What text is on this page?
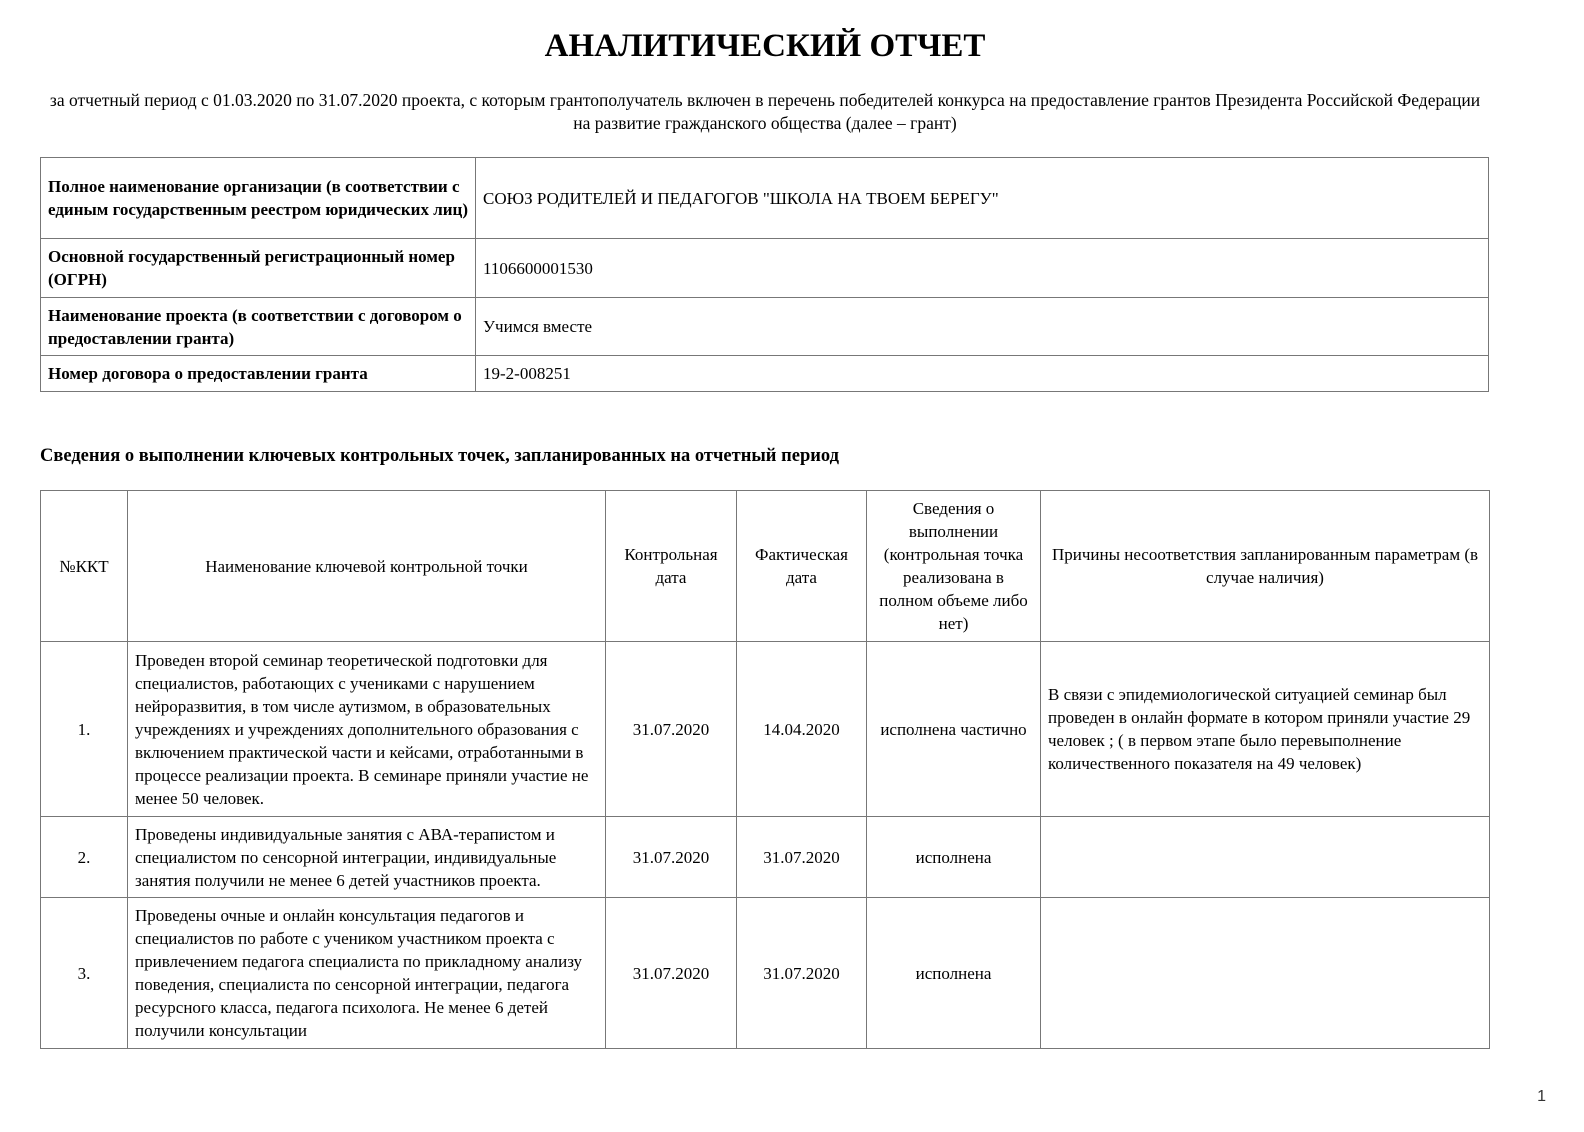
АНАЛИТИЧЕСКИЙ ОТЧЕТ
за отчетный период с 01.03.2020 по 31.07.2020 проекта, с которым грантополучатель включен в перечень победителей конкурса на предоставление грантов Президента Российской Федерации на развитие гражданского общества (далее – грант)
Полное наименование организации (в соответствии с единым государственным реестром юридических лиц)	СОЮЗ РОДИТЕЛЕЙ И ПЕДАГОГОВ "ШКОЛА НА ТВОЕМ БЕРЕГУ"
Основной государственный регистрационный номер (ОГРН)	1106600001530
Наименование проекта (в соответствии с договором о предоставлении гранта)	Учимся вместе
Номер договора о предоставлении гранта	19-2-008251
Сведения о выполнении ключевых контрольных точек, запланированных на отчетный период
№ККТ	Наименование ключевой контрольной точки	Контрольная дата	Фактическая дата	Сведения о выполнении (контрольная точка реализована в полном объеме либо нет)	Причины несоответствия запланированным параметрам (в случае наличия)
1.	Проведен второй семинар теоретической подготовки для специалистов, работающих с учениками с нарушением нейроразвития, в том числе аутизмом, в образовательных учреждениях и учреждениях дополнительного образования с включением практической части и кейсами, отработанными в процессе реализации проекта. В семинаре приняли участие не менее 50 человек.	31.07.2020	14.04.2020	исполнена частично	В связи с эпидемиологической ситуацией семинар был проведен в онлайн формате в котором приняли участие 29 человек ; ( в первом этапе было перевыполнение количественного показателя на 49 человек)
2.	Проведены индивидуальные занятия с АВА-терапистом и специалистом по сенсорной интеграции, индивидуальные занятия получили не менее 6 детей участников проекта.	31.07.2020	31.07.2020	исполнена	
3.	Проведены очные и онлайн консультация педагогов и специалистов по работе с учеником участником проекта с привлечением педагога специалиста по прикладному анализу поведения, специалиста по сенсорной интеграции, педагога ресурсного класса, педагога психолога. Не менее 6 детей получили консультации	31.07.2020	31.07.2020	исполнена	
1
